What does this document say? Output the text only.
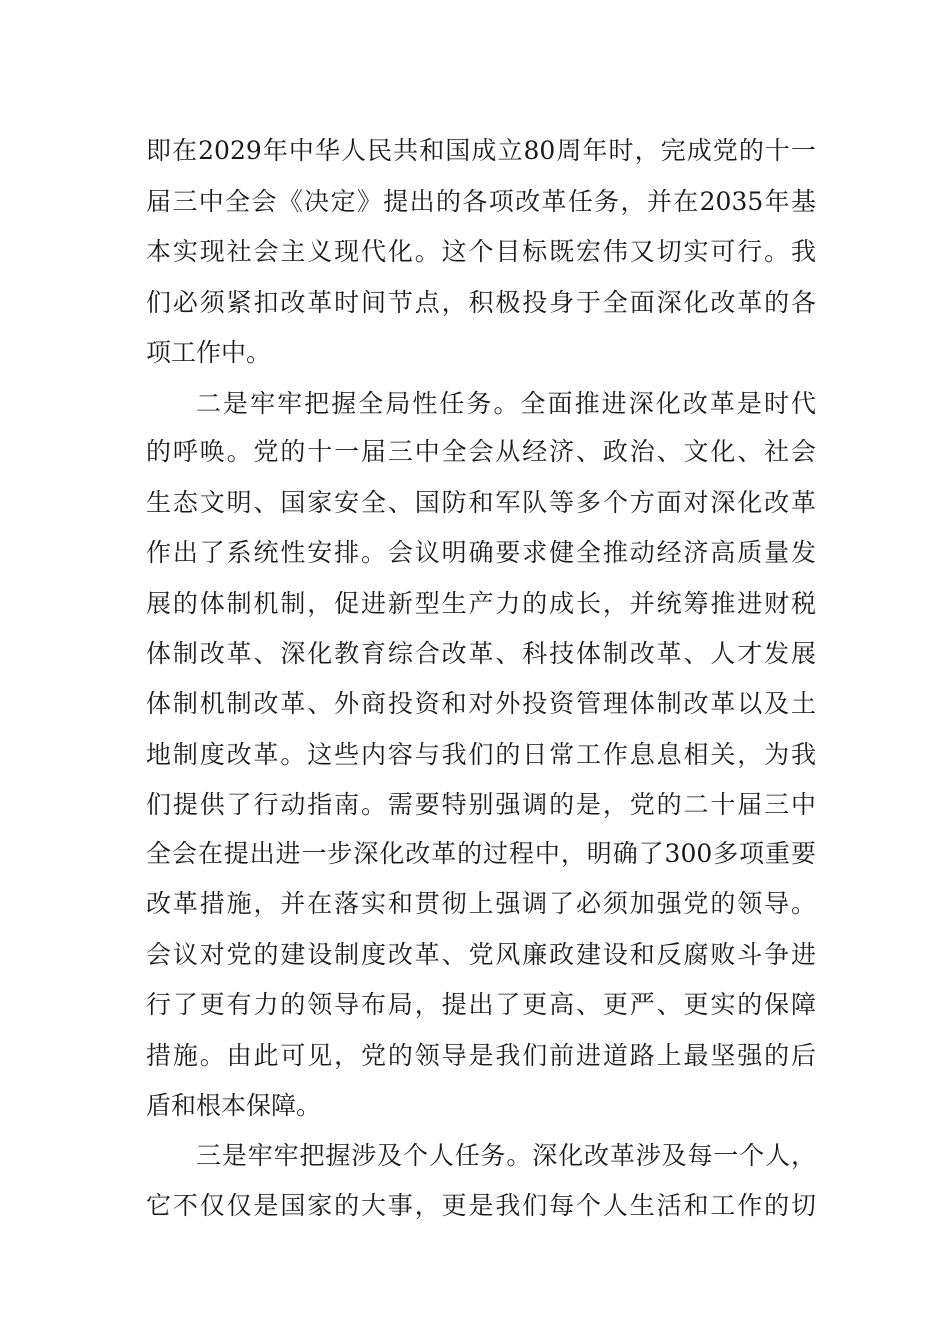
即在2029年中华人民共和国成立80周年时，完成党的十一
届三中全会《决定》提出的各项改革任务，并在2035年基
本实现社会主义现代化。这个目标既宏伟又切实可行。我
们必须紧扣改革时间节点，积极投身于全面深化改革的各
项工作中。
二是牢牢把握全局性任务。全面推进深化改革是时代
的呼唤。党的十一届三中全会从经济、政治、文化、社会
生态文明、国家安全、国防和军队等多个方面对深化改革
作出了系统性安排。会议明确要求健全推动经济高质量发
展的体制机制，促进新型生产力的成长，并统筹推进财税
体制改革、深化教育综合改革、科技体制改革、人才发展
体制机制改革、外商投资和对外投资管理体制改革以及土
地制度改革。这些内容与我们的日常工作息息相关，为我
们提供了行动指南。需要特别强调的是，党的二十届三中
全会在提出进一步深化改革的过程中，明确了300多项重要
改革措施，并在落实和贯彻上强调了必须加强党的领导。
会议对党的建设制度改革、党风廉政建设和反腐败斗争进
行了更有力的领导布局，提出了更高、更严、更实的保障
措施。由此可见，党的领导是我们前进道路上最坚强的后
盾和根本保障。
三是牢牢把握涉及个人任务。深化改革涉及每一个人，
它不仅仅是国家的大事，更是我们每个人生活和工作的切
